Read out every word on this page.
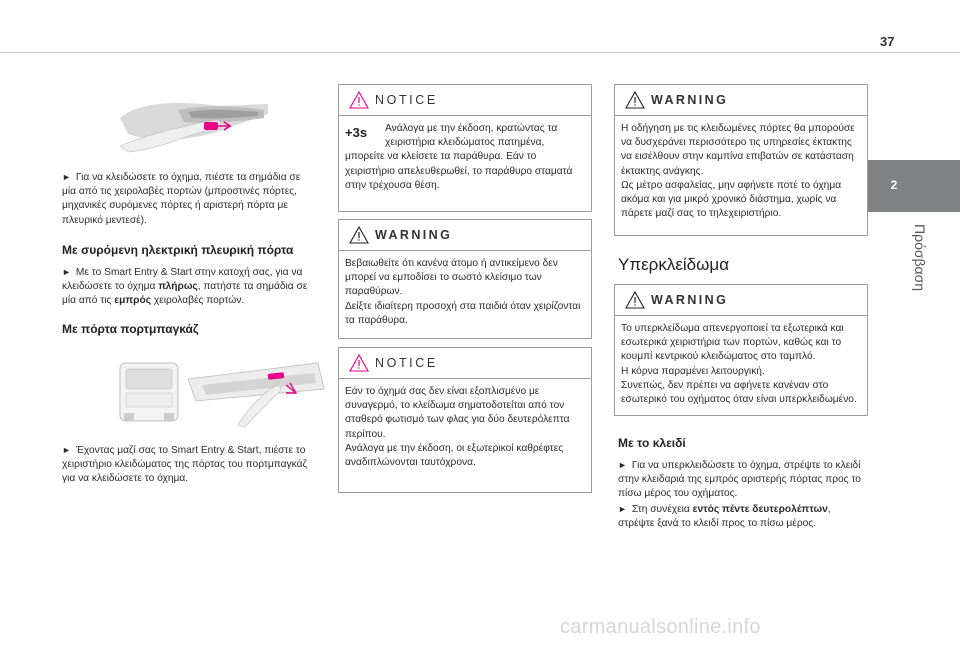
37
2
Πρόσβαση
► Για να κλειδώσετε το όχημα, πιέστε τα σημάδια σε μία από τις χειρολαβές πορτών (μπροστινές πόρτες, μηχανικές συρόμενες πόρτες ή αριστερή πόρτα με πλευρικό μεντεσέ).
Με συρόμενη ηλεκτρική πλευρική πόρτα
► Με το Smart Entry & Start στην κατοχή σας, για να κλειδώσετε το όχημα πλήρως, πατήστε τα σημάδια σε μία από τις εμπρός χειρολαβές πορτών.
Με πόρτα πορτμπαγκάζ
► Έχοντας μαζί σας το Smart Entry & Start, πιέστε το χειριστήριο κλειδώματος της πόρτας του πορτμπαγκάζ για να κλειδώσετε το όχημα.
NOTICE
+3s Ανάλογα με την έκδοση, κρατώντας τα
χειριστήρια κλειδώματος πατημένα,
μπορείτε να κλείσετε τα παράθυρα. Εάν το χειριστήριο απελευθερωθεί, το παράθυρο σταματά στην τρέχουσα θέση.
WARNING
Βεβαιωθείτε ότι κανένα άτομο ή αντικείμενο δεν μπορεί να εμποδίσει το σωστό κλείσιμο των παραθύρων.
Δείξτε ιδιαίτερη προσοχή στα παιδιά όταν χειρίζονται τα παράθυρα.
NOTICE
Εάν το όχημά σας δεν είναι εξοπλισμένο με συναγερμό, το κλείδωμα σηματοδοτείται από τον σταθερό φωτισμό των φλας για δύο δευτερόλεπτα περίπου.
Ανάλογα με την έκδοση, οι εξωτερικοί καθρέφτες αναδιπλώνονται ταυτόχρονα.
WARNING
Η οδήγηση με τις κλειδωμένες πόρτες θα μπορούσε να δυσχεράνει περισσότερο τις υπηρεσίες έκτακτης να εισέλθουν στην καμπίνα επιβατών σε κατάσταση έκτακτης ανάγκης.
Ως μέτρο ασφαλείας, μην αφήνετε ποτέ το όχημα ακόμα και για μικρό χρονικό διάστημα, χωρίς να πάρετε μαζί σας το τηλεχειριστήριο.
Υπερκλείδωμα
WARNING
Το υπερκλείδωμα απενεργοποιεί τα εξωτερικά και εσωτερικά χειριστήρια των πορτών, καθώς και το κουμπί κεντρικού κλειδώματος στο ταμπλό.
Η κόρνα παραμένει λειτουργική.
Συνεπώς, δεν πρέπει να αφήνετε κανέναν στο εσωτερικό του οχήματος όταν είναι υπερκλειδωμένο.
Με το κλειδί
► Για να υπερκλειδώσετε το όχημα, στρέψτε το κλειδί στην κλειδαριά της εμπρός αριστερής πόρτας προς το πίσω μέρος του οχήματος.
► Στη συνέχεια εντός πέντε δευτερολέπτων,
στρέψτε ξανά το κλειδί προς το πίσω μέρος.
carmanualsonline.info
